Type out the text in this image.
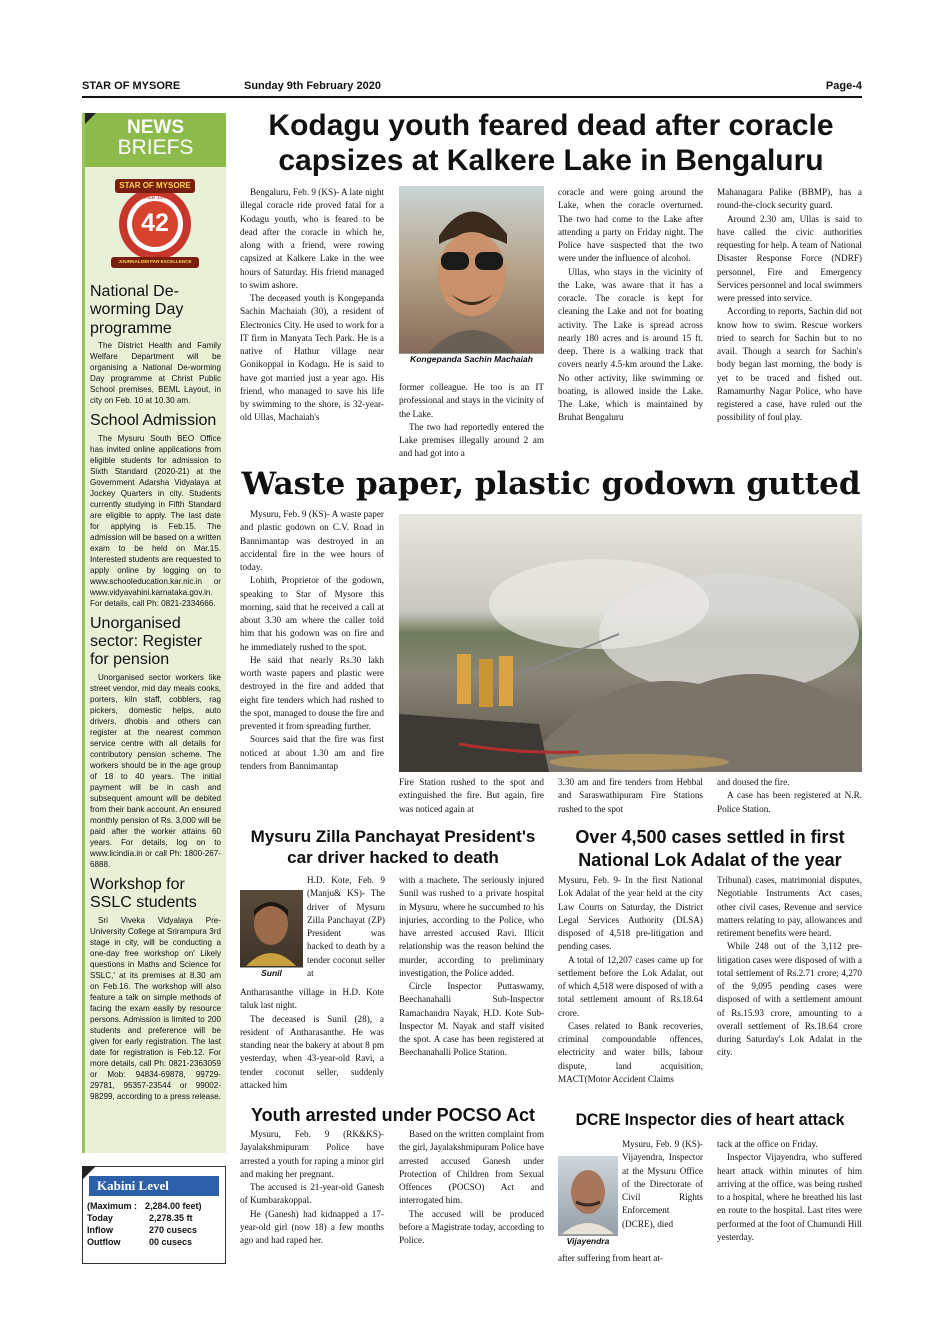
STAR OF MYSORE	Sunday 9th February 2020	Page-4
NEWS
BRIEFS
STAR OF MYSORE
Since 1978
42
JOURNALISM PAR EXCELLENCE
National De-worming Day programme
The District Health and Family Welfare Department will be organising a National De-worming Day programme at Christ Public School premises, BEML Layout, in city on Feb. 10 at 10.30 am.
School Admission
The Mysuru South BEO Office has invited online applications from eligible students for admission to Sixth Standard (2020-21) at the Government Adarsha Vidyalaya at Jockey Quarters in city. Students currently studying in Fifth Standard are eligible to apply. The last date for applying is Feb.15. The admission will be based on a written exam to be held on Mar.15. Interested students are requested to apply online by logging on to www.schooleducation.kar.nic.in or www.vidyavahini.karnataka.gov.in. For details, call Ph: 0821-2334666.
Unorganised sector: Register for pension
Unorganised sector workers like street vendor, mid day meals cooks, porters, kiln staff, cobblers, rag pickers, domestic helps, auto drivers, dhobis and others can register at the nearest common service centre with all details for contributory pension scheme. The workers should be in the age group of 18 to 40 years. The initial payment will be in cash and subsequent amount will be debited from their bank account. An ensured monthly pension of Rs. 3,000 will be paid after the worker attains 60 years. For details, log on to www.licindia.in or call Ph: 1800-267-6888.
Workshop for SSLC students
Sri Viveka Vidyalaya Pre-University College at Srirampura 3rd stage in city, will be conducting a one-day free workshop on' Likely questions in Maths and Science for SSLC,' at its premises at 8.30 am on Feb.16. The workshop will also feature a talk on simple methods of facing the exam easily by resource persons. Admission is limited to 200 students and preference will be given for early registration. The last date for registration is Feb.12. For more details, call Ph: 0821-2363059 or Mob: 94834-69878, 99729-29781, 95357-23544 or 99002-98299, according to a press release.
Kabini Level
(Maximum :	2,284.00 feet)
Today	2,278.35 ft
Inflow	270 cusecs
Outflow	00 cusecs
Kodagu youth feared dead after coracle
capsizes at Kalkere Lake in Bengaluru
Bengaluru, Feb. 9 (KS)- A late night illegal coracle ride proved fatal for a Kodagu youth, who is feared to be dead after the coracle in which he, along with a friend, were rowing capsized at Kalkere Lake in the wee hours of Saturday. His friend managed to swim ashore.
The deceased youth is Kongepanda Sachin Machaiah (30), a resident of Electronics City. He used to work for a IT firm in Manyata Tech Park. He is a native of Hathur village near Gonikoppal in Kodagu. He is said to have got married just a year ago. His friend, who managed to save his life by swimming to the shore, is 32-year-old Ullas, Machaiah's
Kongepanda Sachin Machaiah
former colleague. He too is an IT professional and stays in the vicinity of the Lake.
The two had reportedly entered the Lake premises illegally around 2 am and had got into a
coracle and were going around the Lake, when the coracle overturned. The two had come to the Lake after attending a party on Friday night. The Police have suspected that the two were under the influence of alcohol.
Ullas, who stays in the vicinity of the Lake, was aware that it has a coracle. The coracle is kept for cleaning the Lake and not for boating activity. The Lake is spread across nearly 180 acres and is around 15 ft. deep. There is a walking track that covers nearly 4.5-km around the Lake. No other activity, like swimming or boating, is allowed inside the Lake. The Lake, which is maintained by Bruhat Bengaluru
Mahanagara Palike (BBMP), has a round-the-clock security guard.
Around 2.30 am, Ullas is said to have called the civic authorities requesting for help. A team of National Disaster Response Force (NDRF) personnel, Fire and Emergency Services personnel and local swimmers were pressed into service.
According to reports, Sachin did not know how to swim. Rescue workers tried to search for Sachin but to no avail. Though a search for Sachin's body began last morning, the body is yet to be traced and fished out. Ramamurthy Nagar Police, who have registered a case, have ruled out the possibility of foul play.
Waste paper, plastic godown gutted
Mysuru, Feb. 9 (KS)- A waste paper and plastic godown on C.V. Road in Bannimantap was destroyed in an accidental fire in the wee hours of today.
Lohith, Proprietor of the godown, speaking to Star of Mysore this morning, said that he received a call at about 3.30 am where the caller told him that his godown was on fire and he immediately rushed to the spot.
He said that nearly Rs.30 lakh worth waste papers and plastic were destroyed in the fire and added that eight fire tenders which had rushed to the spot, managed to douse the fire and prevented it from spreading further.
Sources said that the fire was first noticed at about 1.30 am and fire tenders from Bannimantap
Fire Station rushed to the spot and extinguished the fire. But again, fire was noticed again at
3.30 am and fire tenders from Hebbal and Saraswathipuram Fire Stations rushed to the spot
and doused the fire.
A case has been registered at N.R. Police Station.
Mysuru Zilla Panchayat President's
car driver hacked to death
Sunil
H.D. Kote, Feb. 9 (Manju& KS)- The driver of Mysuru Zilla Panchayat (ZP) President was hacked to death by a tender coconut seller at
Antharasanthe village in H.D. Kote taluk last night.
The deceased is Sunil (28), a resident of Antharasanthe. He was standing near the bakery at about 8 pm yesterday, when 43-year-old Ravi, a tender coconut seller, suddenly attacked him
with a machete. The seriously injured Sunil was rushed to a private hospital in Mysuru, where he succumbed to his injuries, according to the Police, who have arrested accused Ravi. Illicit relationship was the reason behind the murder, according to preliminary investigation, the Police added.
Circle Inspector Puttaswamy, Beechanahalli Sub-Inspector Ramachandra Nayak, H.D. Kote Sub-Inspector M. Nayak and staff visited the spot. A case has been registered at Beechanahalli Police Station.
Over 4,500 cases settled in first
National Lok Adalat of the year
Mysuru, Feb. 9- In the first National Lok Adalat of the year held at the city Law Courts on Saturday, the District Legal Services Authority (DLSA) disposed of 4,518 pre-litigation and pending cases.
A total of 12,207 cases came up for settlement before the Lok Adalat, out of which 4,518 were disposed of with a total settlement amount of Rs.18.64 crore.
Cases related to Bank recoveries, criminal compoundable offences, electricity and water bills, labour dispute, land acquisition, MACT(Motor Accident Claims
Tribunal) cases, matrimonial disputes, Negotiable Instruments Act cases, other civil cases, Revenue and service matters relating to pay, allowances and retirement benefits were heard.
While 248 out of the 3,112 pre-litigation cases were disposed of with a total settlement of Rs.2.71 crore; 4,270 of the 9,095 pending cases were disposed of with a settlement amount of Rs.15.93 crore, amounting to a overall settlement of Rs.18.64 crore during Saturday's Lok Adalat in the city.
Youth arrested under POCSO Act
Mysuru, Feb. 9 (RK&KS)- Jayalakshmipuram Police have arrested a youth for raping a minor girl and making her pregnant.
The accused is 21-year-old Ganesh of Kumbarakoppal.
He (Ganesh) had kidnapped a 17-year-old girl (now 18) a few months ago and had raped her.
Based on the written complaint from the girl, Jayalakshmipuram Police have arrested accused Ganesh under Protection of Children from Sexual Offences (POCSO) Act and interrogated him.
The accused will be produced before a Magistrate today, according to Police.
DCRE Inspector dies of heart attack
Mysuru, Feb. 9 (KS)- Vijayendra, Inspector at the Mysuru Office of the Directorate of Civil Rights Enforcement (DCRE), died
Vijayendra
after suffering from heart at-
tack at the office on Friday.
Inspector Vijayendra, who suffered heart attack within minutes of him arriving at the office, was being rushed to a hospital, where he breathed his last en route to the hospital. Last rites were performed at the foot of Chamundi Hill yesterday.
